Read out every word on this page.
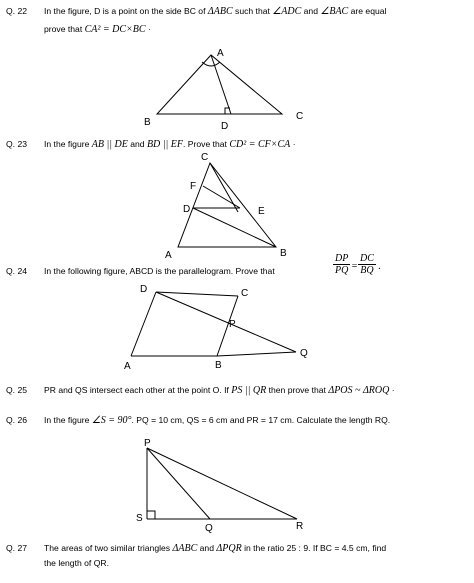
Q. 22 In the figure, D is a point on the side BC of ΔABC such that ∠ADC and ∠BAC are equal
prove that CA² = DC×BC ·
Q. 23 In the figure AB || DE and BD || EF. Prove that CD² = CF×CA ·
Q. 24 In the following figure, ABCD is the parallelogram. Prove that	$\frac{DP}{PQ} = \frac{DC}{BQ}$ ·
Q. 25 PR and QS intersect each other at the point O. If PS || QR then prove that ΔPOS ~ ΔROQ ·
Q. 26 In the figure ∠S = 90°. PQ = 10 cm, QS = 6 cm and PR = 17 cm. Calculate the length RQ.
Q. 27 The areas of two similar triangles ΔABC and ΔPQR in the ratio 25 : 9. If BC = 4.5 cm, find
the length of QR.
A
B
C
D
C
F
D	E
A	B
D	C
P
A	B
Q
P
S
Q	R
